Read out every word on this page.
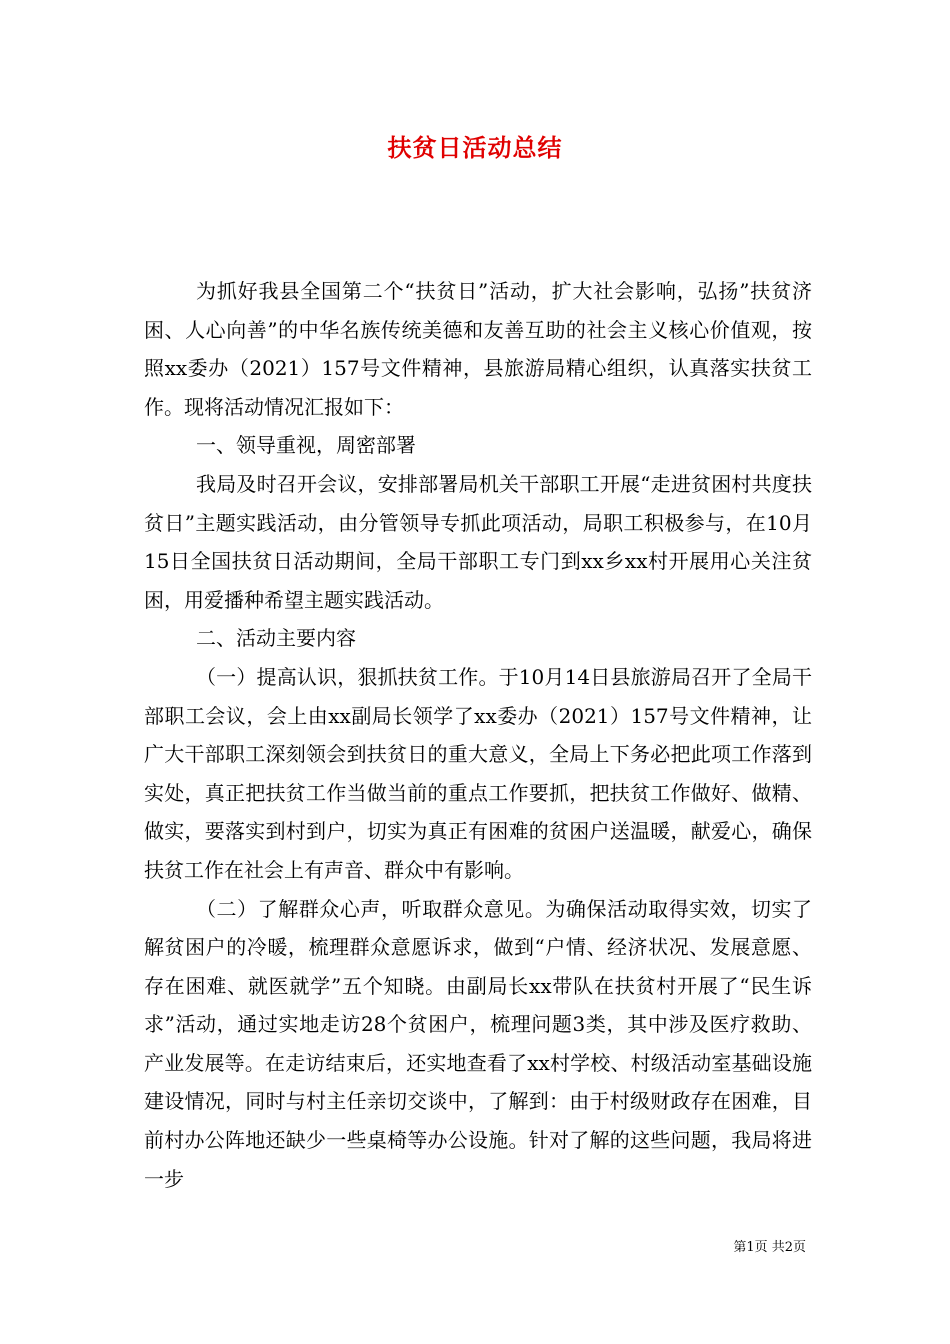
扶贫日活动总结

为抓好我县全国第二个“扶贫日”活动，扩大社会影响，弘扬”扶贫济困、人心向善”的中华名族传统美德和友善互助的社会主义核心价值观，按照xx委办（2021）157号文件精神，县旅游局精心组织，认真落实扶贫工作。现将活动情况汇报如下：

一、领导重视，周密部署

我局及时召开会议，安排部署局机关干部职工开展“走进贫困村共度扶贫日”主题实践活动，由分管领导专抓此项活动，局职工积极参与，在10月15日全国扶贫日活动期间，全局干部职工专门到xx乡xx村开展用心关注贫困，用爱播种希望主题实践活动。

二、活动主要内容

（一）提高认识，狠抓扶贫工作。于10月14日县旅游局召开了全局干部职工会议，会上由xx副局长领学了xx委办（2021）157号文件精神，让广大干部职工深刻领会到扶贫日的重大意义，全局上下务必把此项工作落到实处，真正把扶贫工作当做当前的重点工作要抓，把扶贫工作做好、做精、做实，要落实到村到户，切实为真正有困难的贫困户送温暖，献爱心，确保扶贫工作在社会上有声音、群众中有影响。

（二）了解群众心声，听取群众意见。为确保活动取得实效，切实了解贫困户的冷暖，梳理群众意愿诉求，做到“户情、经济状况、发展意愿、存在困难、就医就学”五个知晓。由副局长xx带队在扶贫村开展了“民生诉求”活动，通过实地走访28个贫困户，梳理问题3类，其中涉及医疗救助、产业发展等。在走访结束后，还实地查看了xx村学校、村级活动室基础设施建设情况，同时与村主任亲切交谈中，了解到：由于村级财政存在困难，目前村办公阵地还缺少一些桌椅等办公设施。针对了解的这些问题，我局将进一步

第1页 共2页
